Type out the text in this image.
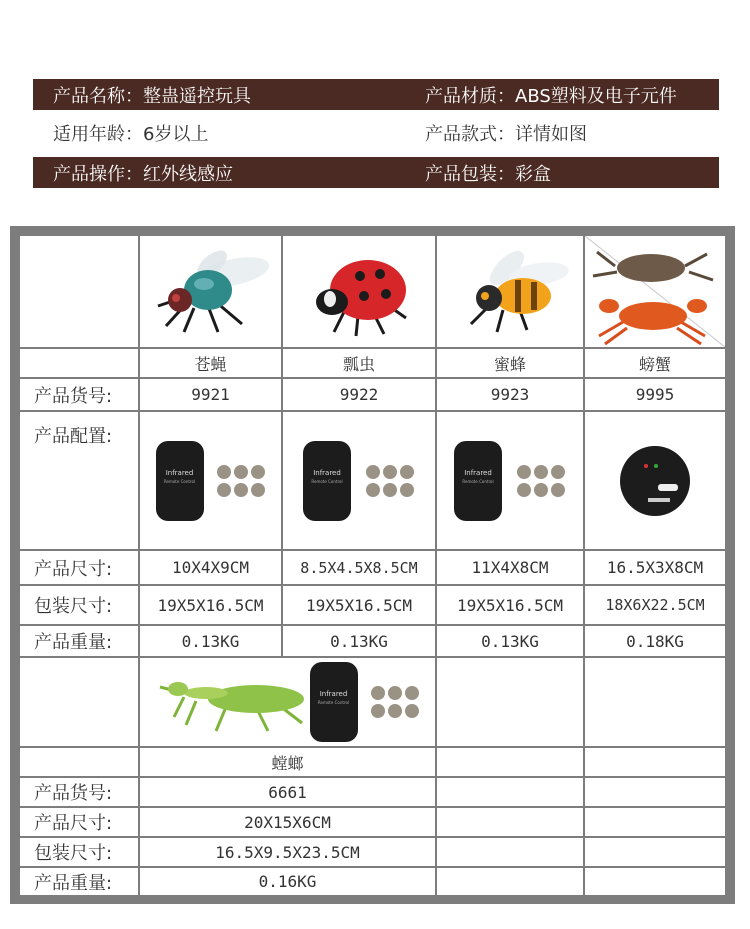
产品名称：整蛊遥控玩具	产品材质：ABS塑料及电子元件
适用年龄：6岁以上	产品款式：详情如图
产品操作：红外线感应	产品包装：彩盒
苍蝇	瓢虫	蜜蜂	螃蟹
产品货号:	9921	9922	9923	9995
产品配置:
Infrared
Remote Control
Infrared
Remote Control
Infrared
Remote Control
产品尺寸:	10X4X9CM	8.5X4.5X8.5CM	11X4X8CM	16.5X3X8CM
包装尺寸:	19X5X16.5CM	19X5X16.5CM	19X5X16.5CM	18X6X22.5CM
产品重量:	0.13KG	0.13KG	0.13KG	0.18KG
Infrared
Remote Control
螳螂
产品货号:	6661
产品尺寸:	20X15X6CM
包装尺寸:	16.5X9.5X23.5CM
产品重量:	0.16KG
